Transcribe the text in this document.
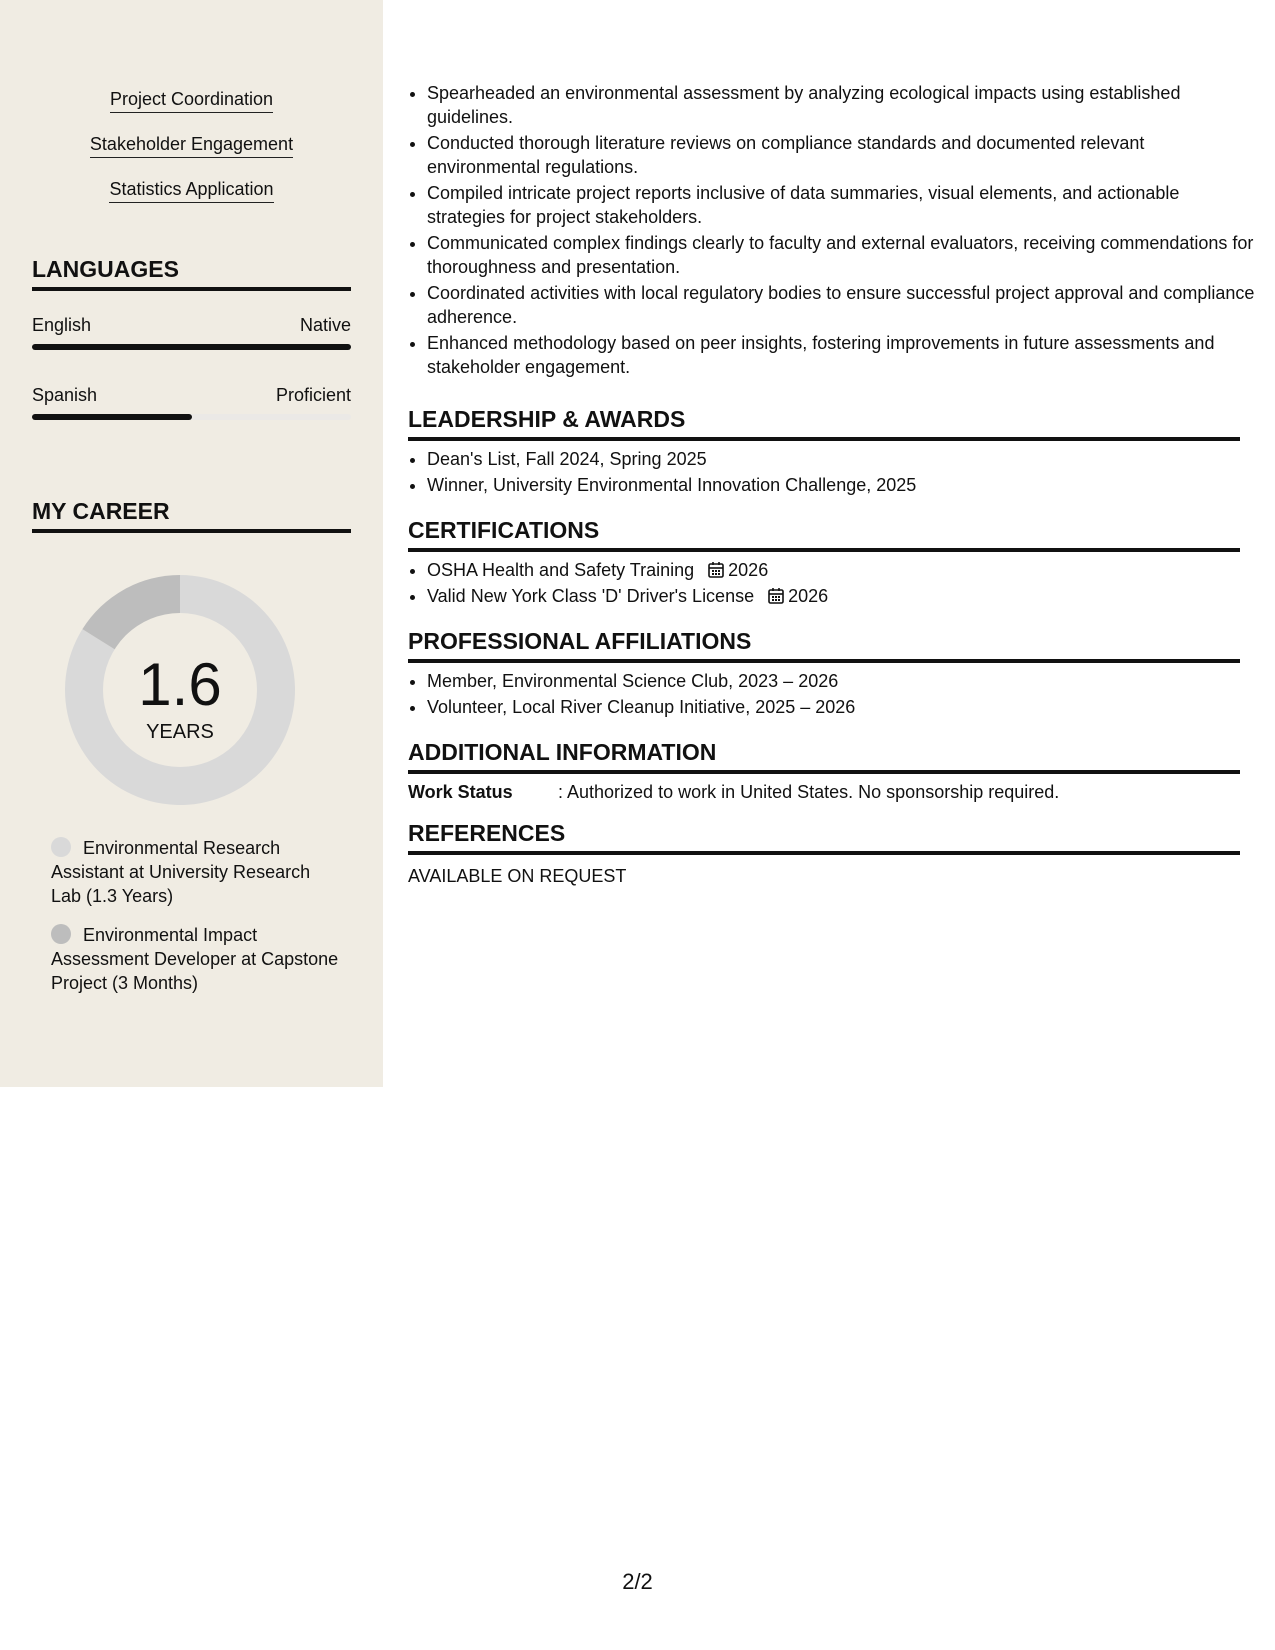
Project Coordination
Stakeholder Engagement
Statistics Application
LANGUAGES
English	Native
Spanish	Proficient
MY CAREER
1.6
YEARS
Environmental Research Assistant at University Research Lab (1.3 Years)
Environmental Impact Assessment Developer at Capstone Project (3 Months)
• Spearheaded an environmental assessment by analyzing ecological impacts using established guidelines.
• Conducted thorough literature reviews on compliance standards and documented relevant environmental regulations.
• Compiled intricate project reports inclusive of data summaries, visual elements, and actionable strategies for project stakeholders.
• Communicated complex findings clearly to faculty and external evaluators, receiving commendations for thoroughness and presentation.
• Coordinated activities with local regulatory bodies to ensure successful project approval and compliance adherence.
• Enhanced methodology based on peer insights, fostering improvements in future assessments and stakeholder engagement.
LEADERSHIP & AWARDS
• Dean's List, Fall 2024, Spring 2025
• Winner, University Environmental Innovation Challenge, 2025
CERTIFICATIONS
• OSHA Health and Safety Training 2026
• Valid New York Class 'D' Driver's License 2026
PROFESSIONAL AFFILIATIONS
• Member, Environmental Science Club, 2023 – 2026
• Volunteer, Local River Cleanup Initiative, 2025 – 2026
ADDITIONAL INFORMATION
Work Status	: Authorized to work in United States. No sponsorship required.
REFERENCES
AVAILABLE ON REQUEST
2/2
